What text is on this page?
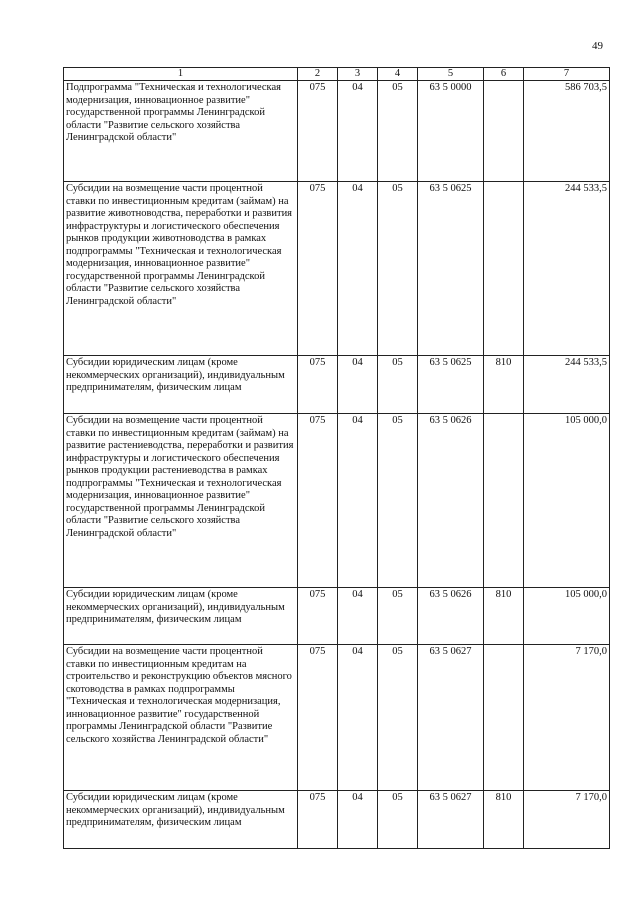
49
1	2	3	4	5	6	7
Подпрограмма "Техническая и технологическая модернизация, инновационное развитие" государственной программы Ленинградской области "Развитие сельского хозяйства Ленинградской области"	075	04	05	63 5 0000		586 703,5
Субсидии на возмещение части процентной ставки по инвестиционным кредитам (займам) на развитие животноводства, переработки и развития инфраструктуры и логистического обеспечения рынков продукции животноводства в рамках подпрограммы "Техническая и технологическая модернизация, инновационное развитие" государственной программы Ленинградской области "Развитие сельского хозяйства Ленинградской области"	075	04	05	63 5 0625		244 533,5
Субсидии юридическим лицам (кроме некоммерческих организаций), индивидуальным предпринимателям, физическим лицам	075	04	05	63 5 0625	810	244 533,5
Субсидии на возмещение части процентной ставки по инвестиционным кредитам (займам) на развитие растениеводства, переработки и развития инфраструктуры и логистического обеспечения рынков продукции растениеводства в рамках подпрограммы "Техническая и технологическая модернизация, инновационное развитие" государственной программы Ленинградской области "Развитие сельского хозяйства Ленинградской области"	075	04	05	63 5 0626		105 000,0
Субсидии юридическим лицам (кроме некоммерческих организаций), индивидуальным предпринимателям, физическим лицам	075	04	05	63 5 0626	810	105 000,0
Субсидии на возмещение части процентной ставки по инвестиционным кредитам на строительство и реконструкцию объектов мясного скотоводства в рамках подпрограммы "Техническая и технологическая модернизация, инновационное развитие" государственной программы Ленинградской области "Развитие сельского хозяйства Ленинградской области"	075	04	05	63 5 0627		7 170,0
Субсидии юридическим лицам (кроме некоммерческих организаций), индивидуальным предпринимателям, физическим лицам	075	04	05	63 5 0627	810	7 170,0
